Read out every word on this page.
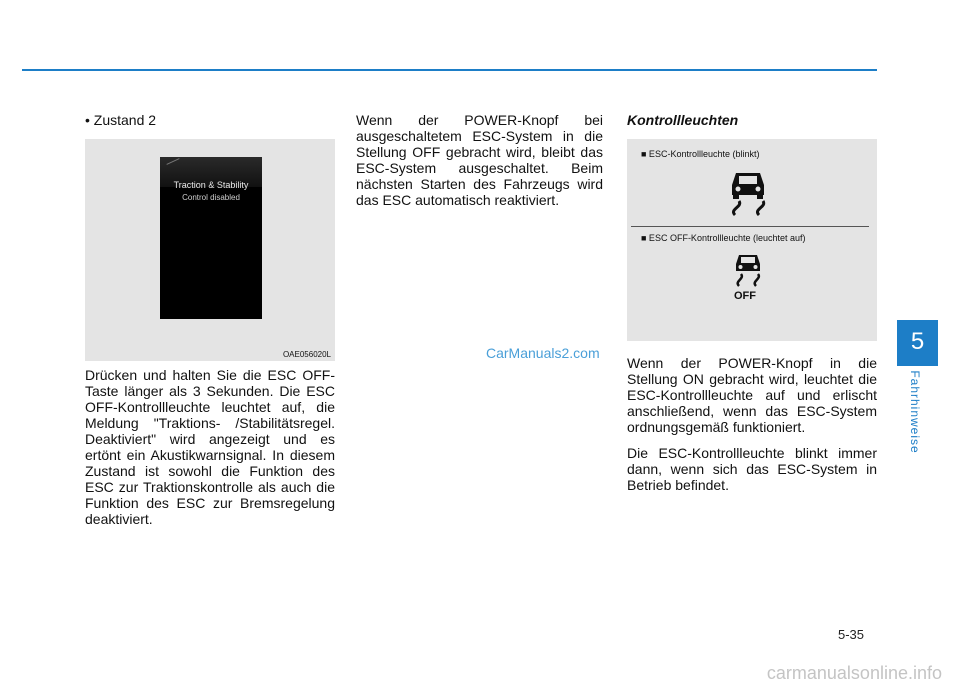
• Zustand 2

Traction & Stability
Control disabled
OAE056020L

Drücken und halten Sie die ESC OFF-Taste länger als 3 Sekunden. Die ESC OFF-Kontrollleuchte leuchtet auf, die Meldung "Traktions- /Stabilitätsregel. Deaktiviert" wird angezeigt und es ertönt ein Akustikwarnsignal. In diesem Zustand ist sowohl die Funktion des ESC zur Traktionskontrolle als auch die Funktion des ESC zur Bremsregelung deaktiviert.

Wenn der POWER-Knopf bei ausgeschaltetem ESC-System in die Stellung OFF gebracht wird, bleibt das ESC-System ausgeschaltet. Beim nächsten Starten des Fahrzeugs wird das ESC automatisch reaktiviert.

Kontrollleuchten

■ ESC-Kontrollleuchte (blinkt)
■ ESC OFF-Kontrollleuchte (leuchtet auf)
OFF

Wenn der POWER-Knopf in die Stellung ON gebracht wird, leuchtet die ESC-Kontrollleuchte auf und erlischt anschließend, wenn das ESC-System ordnungsgemäß funktioniert.

Die ESC-Kontrollleuchte blinkt immer dann, wenn sich das ESC-System in Betrieb befindet.

5
Fahrhinweise
CarManuals2.com
5-35
carmanualsonline.info
